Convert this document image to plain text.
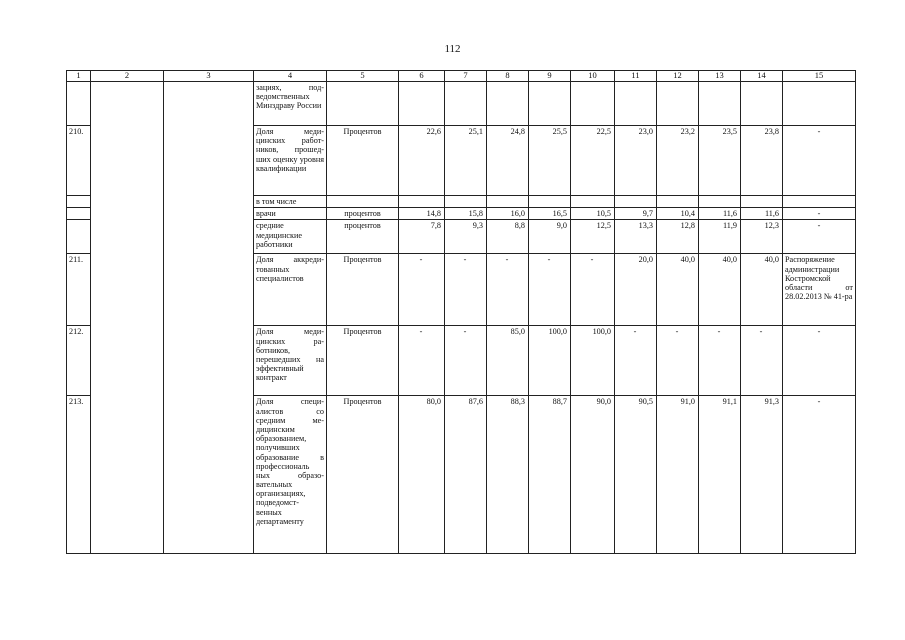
112
1	2	3	4	5	6	7	8	9	10	11	12	13	14	15
			зациях, под-ведомственных Минздраву России											
210.			Доля меди-цинских работ-ников, прошед-ших оценку уровня квалификации	Процентов	22,6	25,1	24,8	25,5	22,5	23,0	23,2	23,5	23,8	-
			в том числе											
			врачи	процентов	14,8	15,8	16,0	16,5	10,5	9,7	10,4	11,6	11,6	-
			средние медицинские работники	процентов	7,8	9,3	8,8	9,0	12,5	13,3	12,8	11,9	12,3	-
211.			Доля аккреди-тованных специалистов	Процентов	-	-	-	-	-	20,0	40,0	40,0	40,0	Распоряжение администрации Костромской области от 28.02.2013 № 41-ра
212.			Доля меди-цинских ра-ботников, перешедших на эффективный контракт	Процентов	-	-	85,0	100,0	100,0	-	-	-	-	-
213.			Доля специ-алистов со средним ме-дицинским образованием, получивших образование в профессиональ ных образо-вательных организациях, подведомст-венных департаменту	Процентов	80,0	87,6	88,3	88,7	90,0	90,5	91,0	91,1	91,3	-
